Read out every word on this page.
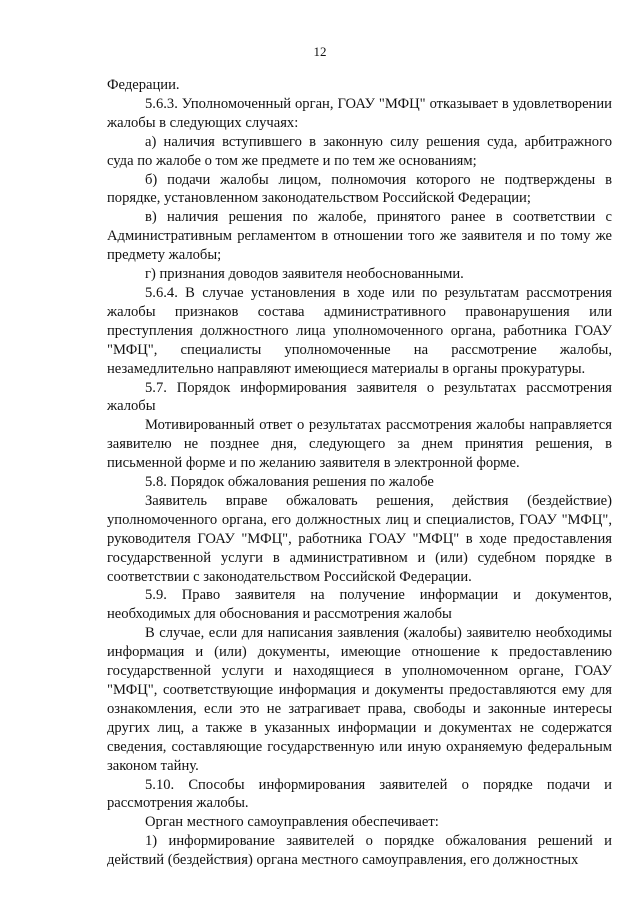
12

Федерации.

5.6.3. Уполномоченный орган, ГОАУ "МФЦ" отказывает в удовлетворении жалобы в следующих случаях:

а) наличия вступившего в законную силу решения суда, арбитражного суда по жалобе о том же предмете и по тем же основаниям;

б) подачи жалобы лицом, полномочия которого не подтверждены в порядке, установленном законодательством Российской Федерации;

в) наличия решения по жалобе, принятого ранее в соответствии с Административным регламентом в отношении того же заявителя и по тому же предмету жалобы;

г) признания доводов заявителя необоснованными.

5.6.4. В случае установления в ходе или по результатам рассмотрения жалобы признаков состава административного правонарушения или преступления должностного лица уполномоченного органа, работника ГОАУ "МФЦ", специалисты уполномоченные на рассмотрение жалобы, незамедлительно направляют имеющиеся материалы в органы прокуратуры.

5.7. Порядок информирования заявителя о результатах рассмотрения жалобы

Мотивированный ответ о результатах рассмотрения жалобы направляется заявителю не позднее дня, следующего за днем принятия решения, в письменной форме и по желанию заявителя в электронной форме.

5.8. Порядок обжалования решения по жалобе

Заявитель вправе обжаловать решения, действия (бездействие) уполномоченного органа, его должностных лиц и специалистов, ГОАУ "МФЦ", руководителя ГОАУ "МФЦ", работника ГОАУ "МФЦ" в ходе предоставления государственной услуги в административном и (или) судебном порядке в соответствии с законодательством Российской Федерации.

5.9. Право заявителя на получение информации и документов, необходимых для обоснования и рассмотрения жалобы

В случае, если для написания заявления (жалобы) заявителю необходимы информация и (или) документы, имеющие отношение к предоставлению государственной услуги и находящиеся в уполномоченном органе, ГОАУ "МФЦ", соответствующие информация и документы предоставляются ему для ознакомления, если это не затрагивает права, свободы и законные интересы других лиц, а также в указанных информации и документах не содержатся сведения, составляющие государственную или иную охраняемую федеральным законом тайну.

5.10. Способы информирования заявителей о порядке подачи и рассмотрения жалобы.

Орган местного самоуправления обеспечивает:

1) информирование заявителей о порядке обжалования решений и действий (бездействия) органа местного самоуправления, его должностных
